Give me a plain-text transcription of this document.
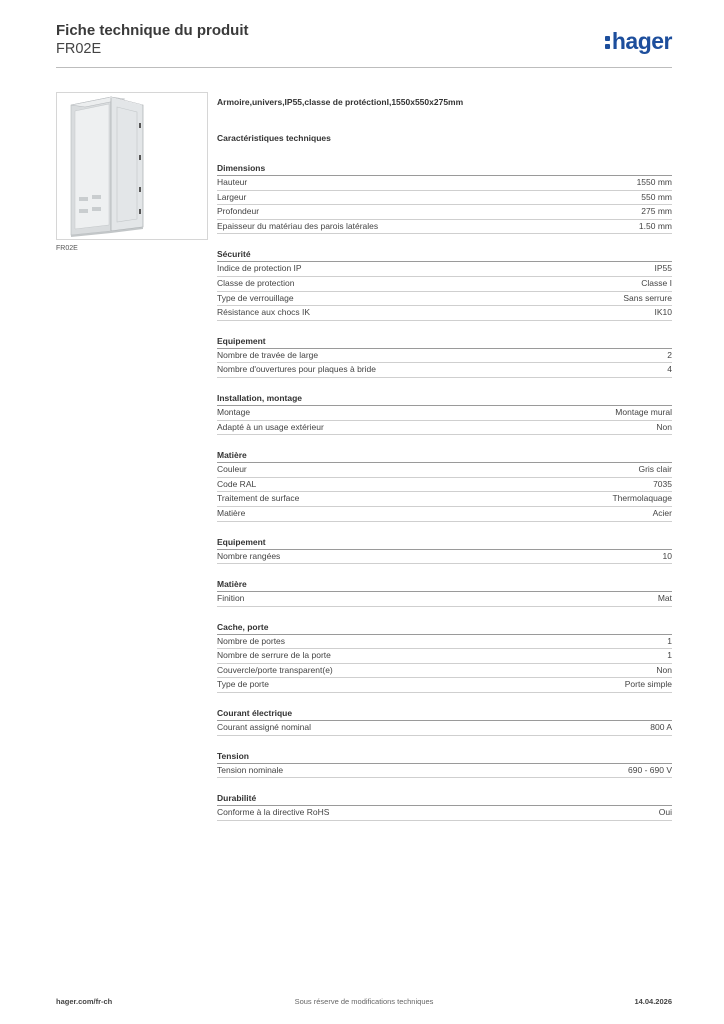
Fiche technique du produit
FR02E	hager
FR02E
Armoire,univers,IP55,classe de protéctionI,1550x550x275mm
Caractéristiques techniques
Dimensions
Hauteur	1550 mm
Largeur	550 mm
Profondeur	275 mm
Epaisseur du matériau des parois latérales	1.50 mm
Sécurité
Indice de protection IP	IP55
Classe de protection	Classe I
Type de verrouillage	Sans serrure
Résistance aux chocs IK	IK10
Equipement
Nombre de travée de large	2
Nombre d'ouvertures pour plaques à bride	4
Installation, montage
Montage	Montage mural
Adapté à un usage extérieur	Non
Matière
Couleur	Gris clair
Code RAL	7035
Traitement de surface	Thermolaquage
Matière	Acier
Equipement
Nombre rangées	10
Matière
Finition	Mat
Cache, porte
Nombre de portes	1
Nombre de serrure de la porte	1
Couvercle/porte transparent(e)	Non
Type de porte	Porte simple
Courant électrique
Courant assigné nominal	800 A
Tension
Tension nominale	690 - 690 V
Durabilité
Conforme à la directive RoHS	Oui
hager.com/fr-ch	Sous réserve de modifications techniques	14.04.2026
